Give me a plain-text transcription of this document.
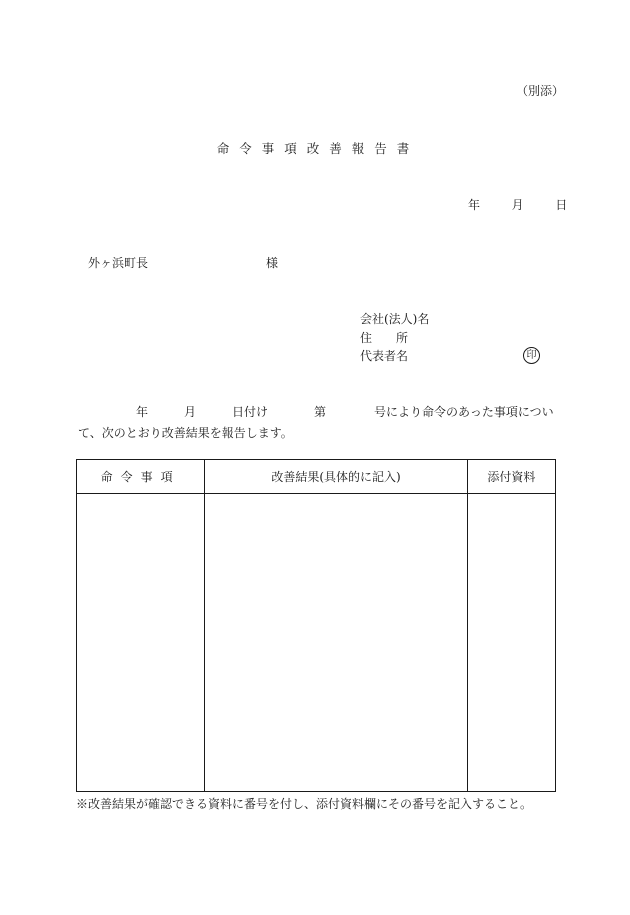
（別添）
命令事項改善報告書
年	月	日
外ヶ浜町長	様
会社(法人)名
住　　所
代表者名	印
年	月	日付け	第	号により命令のあった事項につい
て、次のとおり改善結果を報告します。
命令事項	改善結果(具体的に記入)	添付資料

※改善結果が確認できる資料に番号を付し、添付資料欄にその番号を記入すること。
